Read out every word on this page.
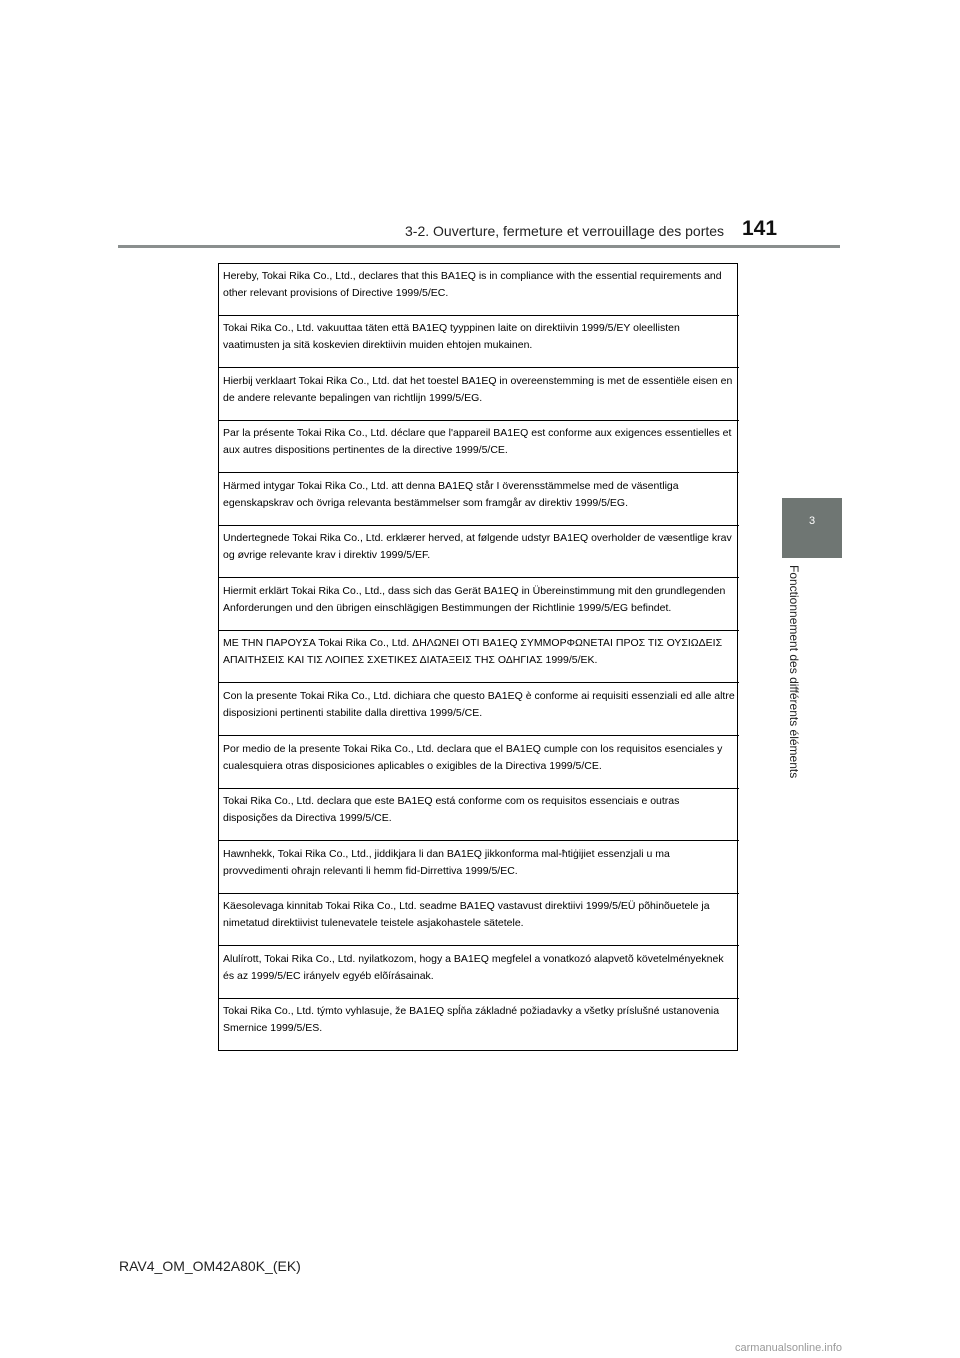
3-2. Ouverture, fermeture et verrouillage des portes 141
3
Fonctionnement des différents éléments
Hereby, Tokai Rika Co., Ltd., declares that this BA1EQ is in compliance with the essential requirements and other relevant provisions of Directive 1999/5/EC.
Tokai Rika Co., Ltd. vakuuttaa täten että BA1EQ tyyppinen laite on direktiivin 1999/5/EY oleellisten vaatimusten ja sitä koskevien direktiivin muiden ehtojen mukainen.
Hierbij verklaart Tokai Rika Co., Ltd. dat het toestel BA1EQ in overeenstemming is met de essentiële eisen en de andere relevante bepalingen van richtlijn 1999/5/EG.
Par la présente Tokai Rika Co., Ltd. déclare que l'appareil BA1EQ est conforme aux exigences essentielles et aux autres dispositions pertinentes de la directive 1999/5/CE.
Härmed intygar Tokai Rika Co., Ltd. att denna BA1EQ står I överensstämmelse med de väsentliga egenskapskrav och övriga relevanta bestämmelser som framgår av direktiv 1999/5/EG.
Undertegnede Tokai Rika Co., Ltd. erklærer herved, at følgende udstyr BA1EQ overholder de væsentlige krav og øvrige relevante krav i direktiv 1999/5/EF.
Hiermit erklärt Tokai Rika Co., Ltd., dass sich das Gerät BA1EQ in Übereinstimmung mit den grundlegenden Anforderungen und den übrigen einschlägigen Bestimmungen der Richtlinie 1999/5/EG befindet.
ΜΕ ΤΗΝ ΠΑΡΟΥΣΑ Tokai Rika Co., Ltd. ΔΗΛΩΝΕΙ ΟΤΙ BA1EQ ΣΥΜΜΟΡΦΩΝΕΤΑΙ ΠΡΟΣ ΤΙΣ ΟΥΣΙΩΔΕΙΣ ΑΠΑΙΤΗΣΕΙΣ ΚΑΙ ΤΙΣ ΛΟΙΠΕΣ ΣΧΕΤΙΚΕΣ ΔΙΑΤΑΞΕΙΣ ΤΗΣ ΟΔΗΓΙΑΣ 1999/5/ΕΚ.
Con la presente Tokai Rika Co., Ltd. dichiara che questo BA1EQ è conforme ai requisiti essenziali ed alle altre disposizioni pertinenti stabilite dalla direttiva 1999/5/CE.
Por medio de la presente Tokai Rika Co., Ltd. declara que el BA1EQ cumple con los requisitos esenciales y cualesquiera otras disposiciones aplicables o exigibles de la Directiva 1999/5/CE.
Tokai Rika Co., Ltd. declara que este BA1EQ está conforme com os requisitos essenciais e outras disposições da Directiva 1999/5/CE.
Hawnhekk, Tokai Rika Co., Ltd., jiddikjara li dan BA1EQ jikkonforma mal-ħtiġijiet essenzjali u ma provvedimenti oħrajn relevanti li hemm fid-Dirrettiva 1999/5/EC.
Käesolevaga kinnitab Tokai Rika Co., Ltd. seadme BA1EQ vastavust direktiivi 1999/5/EÜ põhinõuetele ja nimetatud direktiivist tulenevatele teistele asjakohastele sätetele.
Alulírott, Tokai Rika Co., Ltd. nyilatkozom, hogy a BA1EQ megfelel a vonatkozó alapvetõ követelményeknek és az 1999/5/EC irányelv egyéb elõírásainak.
Tokai Rika Co., Ltd. týmto vyhlasuje, že BA1EQ spĺňa základné požiadavky a všetky príslušné ustanovenia Smernice 1999/5/ES.
RAV4_OM_OM42A80K_(EK)
carmanualsonline.info
